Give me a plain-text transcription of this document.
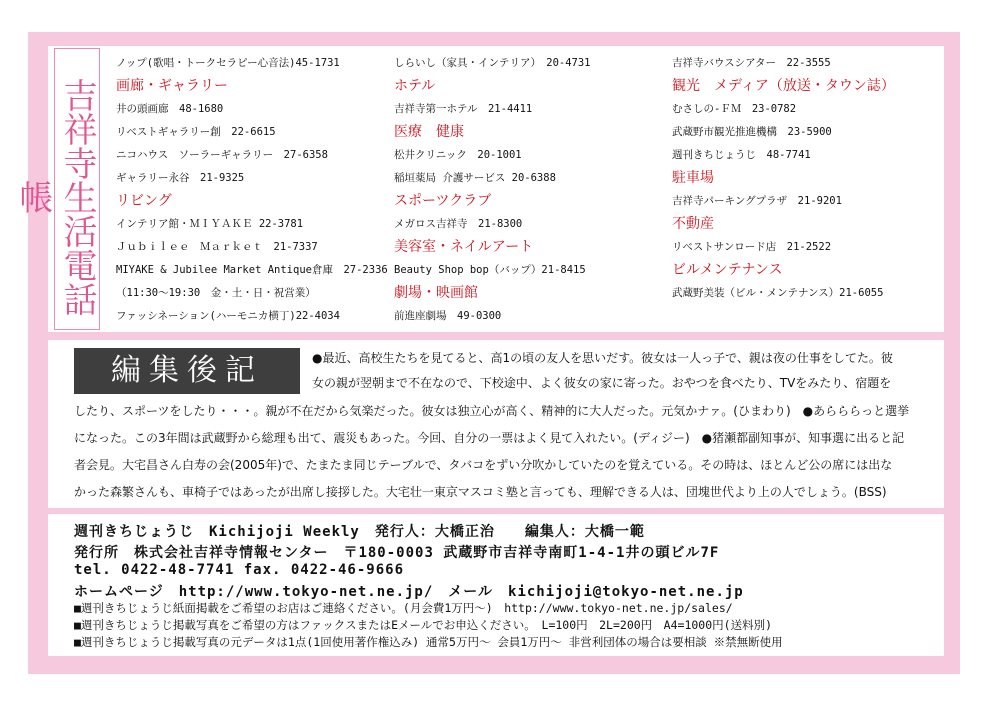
吉祥寺生活電話帳
ノップ(歌唱・トークセラピー心音法)45-1731
画廊・ギャラリー
井の頭画廊　48-1680
リベストギャラリー創　22-6615
ニコハウス　ソーラーギャラリー　27-6358
ギャラリー永谷　21-9325
リビング
インテリア館・ＭＩＹＡＫＥ 22-3781
Ｊｕｂｉｌｅｅ　Ｍａｒｋｅｔ　21-7337
MIYAKE & Jubilee Market Antique倉庫　27-2336
（11:30～19:30　金・土・日・祝営業）
ファッシネーション(ハーモニカ横丁)22-4034
しらいし（家具・インテリア）　20-4731
ホテル
吉祥寺第一ホテル　21-4411
医療　健康
松井クリニック　20-1001
稲垣薬局 介護サービス 20-6388
スポーツクラブ
メガロス吉祥寺　21-8300
美容室・ネイルアート
Beauty Shop bop（バップ）21-8415
劇場・映画館
前進座劇場　49-0300
吉祥寺バウスシアター　22-3555
観光　メディア（放送・タウン誌）
むさしの-ＦＭ　23-0782
武蔵野市観光推進機構　23-5900
週刊きちじょうじ　48-7741
駐車場
吉祥寺パーキングプラザ　21-9201
不動産
リベストサンロード店　21-2522
ビルメンテナンス
武蔵野美装（ビル・メンテナンス）21-6055
編集後記	●最近、高校生たちを見てると、高1の頃の友人を思いだす。彼女は一人っ子で、親は夜の仕事をしてた。彼
女の親が翌朝まで不在なので、下校途中、よく彼女の家に寄った。おやつを食べたり、TVをみたり、宿題を
したり、スポーツをしたり・・・。親が不在だから気楽だった。彼女は独立心が高く、精神的に大人だった。元気かナァ。(ひまわり)　●あらららっと選挙
になった。この3年間は武蔵野から総理も出て、震災もあった。今回、自分の一票はよく見て入れたい。(ディジー)　●猪瀬都副知事が、知事選に出ると記
者会見。大宅昌さん白寿の会(2005年)で、たまたま同じテーブルで、タバコをずい分吹かしていたのを覚えている。その時は、ほとんど公の席には出な
かった森繁さんも、車椅子ではあったが出席し接拶した。大宅壮一東京マスコミ塾と言っても、理解できる人は、団塊世代より上の人でしょう。(BSS)
週刊きちじょうじ　Kichijoji Weekly　発行人：大橋正治　　編集人：大橋一範
発行所　株式会社吉祥寺情報センター　〒180-0003 武蔵野市吉祥寺南町1-4-1井の頭ビル7F
tel. 0422-48-7741 fax. 0422-46-9666
ホームページ　http://www.tokyo-net.ne.jp/　メール　kichijoji@tokyo-net.ne.jp
■週刊きちじょうじ紙面掲載をご希望のお店はご連絡ください。(月会費1万円～)　http://www.tokyo-net.ne.jp/sales/
■週刊きちじょうじ掲載写真をご希望の方はファックスまたはEメールでお申込ください。　L=100円　2L=200円　A4=1000円(送料別)
■週刊きちじょうじ掲載写真の元データは1点(1回使用著作権込み) 通常5万円～ 会員1万円～ 非営利団体の場合は要相談 ※禁無断使用
